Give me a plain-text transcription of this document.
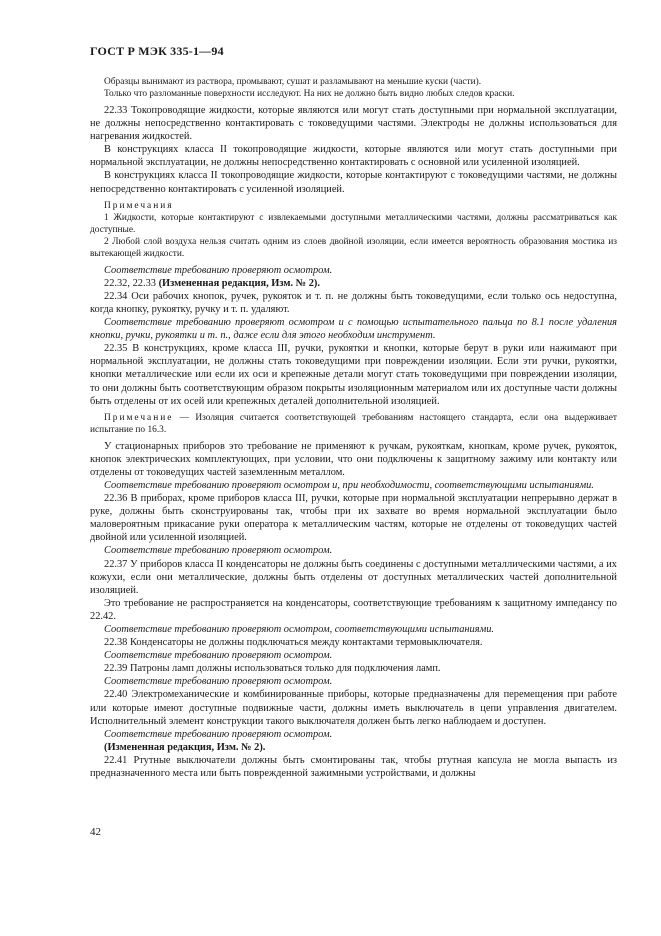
ГОСТ Р МЭК 335-1—94

Образцы вынимают из раствора, промывают, сушат и разламывают на меньшие куски (части).

Только что разломанные поверхности исследуют. На них не должно быть видно любых следов краски.

22.33 Токопроводящие жидкости, которые являются или могут стать доступными при нормальной эксплуатации, не должны непосредственно контактировать с токоведущими частями. Электроды не должны использоваться для нагревания жидкостей.

В конструкциях класса II токопроводящие жидкости, которые являются или могут стать доступными при нормальной эксплуатации, не должны непосредственно контактировать с основной или усиленной изоляцией.

В конструкциях класса II токопроводящие жидкости, которые контактируют с токоведущими частями, не должны непосредственно контактировать с усиленной изоляцией.

Примечания

1 Жидкости, которые контактируют с извлекаемыми доступными металлическими частями, должны рассматриваться как доступные.

2 Любой слой воздуха нельзя считать одним из слоев двойной изоляции, если имеется вероятность образования мостика из вытекающей жидкости.

Соответствие требованию проверяют осмотром.

22.32, 22.33 (Измененная редакция, Изм. № 2).

22.34 Оси рабочих кнопок, ручек, рукояток и т. п. не должны быть токоведущими, если только ось недоступна, когда кнопку, рукоятку, ручку и т. п. удаляют.

Соответствие требованию проверяют осмотром и с помощью испытательного пальца по 8.1 после удаления кнопки, ручки, рукоятки и т. п., даже если для этого необходим инструмент.

22.35 В конструкциях, кроме класса III, ручки, рукоятки и кнопки, которые берут в руки или нажимают при нормальной эксплуатации, не должны стать токоведущими при повреждении изоляции. Если эти ручки, рукоятки, кнопки металлические или если их оси и крепежные детали могут стать токоведущими при повреждении изоляции, то они должны быть соответствующим образом покрыты изоляционным материалом или их доступные части должны быть отделены от их осей или крепежных деталей дополнительной изоляцией.

Примечание — Изоляция считается соответствующей требованиям настоящего стандарта, если она выдерживает испытание по 16.3.

У стационарных приборов это требование не применяют к ручкам, рукояткам, кнопкам, кроме ручек, рукояток, кнопок электрических комплектующих, при условии, что они подключены к защитному зажиму или контакту или отделены от токоведущих частей заземленным металлом.

Соответствие требованию проверяют осмотром и, при необходимости, соответствующими испытаниями.

22.36 В приборах, кроме приборов класса III, ручки, которые при нормальной эксплуатации непрерывно держат в руке, должны быть сконструированы так, чтобы при их захвате во время нормальной эксплуатации было маловероятным прикасание руки оператора к металлическим частям, которые не отделены от токоведущих частей двойной или усиленной изоляцией.

Соответствие требованию проверяют осмотром.

22.37 У приборов класса II конденсаторы не должны быть соединены с доступными металлическими частями, а их кожухи, если они металлические, должны быть отделены от доступных металлических частей дополнительной изоляцией.

Это требование не распространяется на конденсаторы, соответствующие требованиям к защитному импедансу по 22.42.

Соответствие требованию проверяют осмотром, соответствующими испытаниями.

22.38 Конденсаторы не должны подключаться между контактами термовыключателя.

Соответствие требованию проверяют осмотром.

22.39 Патроны ламп должны использоваться только для подключения ламп.

Соответствие требованию проверяют осмотром.

22.40 Электромеханические и комбинированные приборы, которые предназначены для перемещения при работе или которые имеют доступные подвижные части, должны иметь выключатель в цепи управления двигателем. Исполнительный элемент конструкции такого выключателя должен быть легко наблюдаем и доступен.

Соответствие требованию проверяют осмотром.

(Измененная редакция, Изм. № 2).

22.41 Ртутные выключатели должны быть смонтированы так, чтобы ртутная капсула не могла выпасть из предназначенного места или быть поврежденной зажимными устройствами, и должны

42
